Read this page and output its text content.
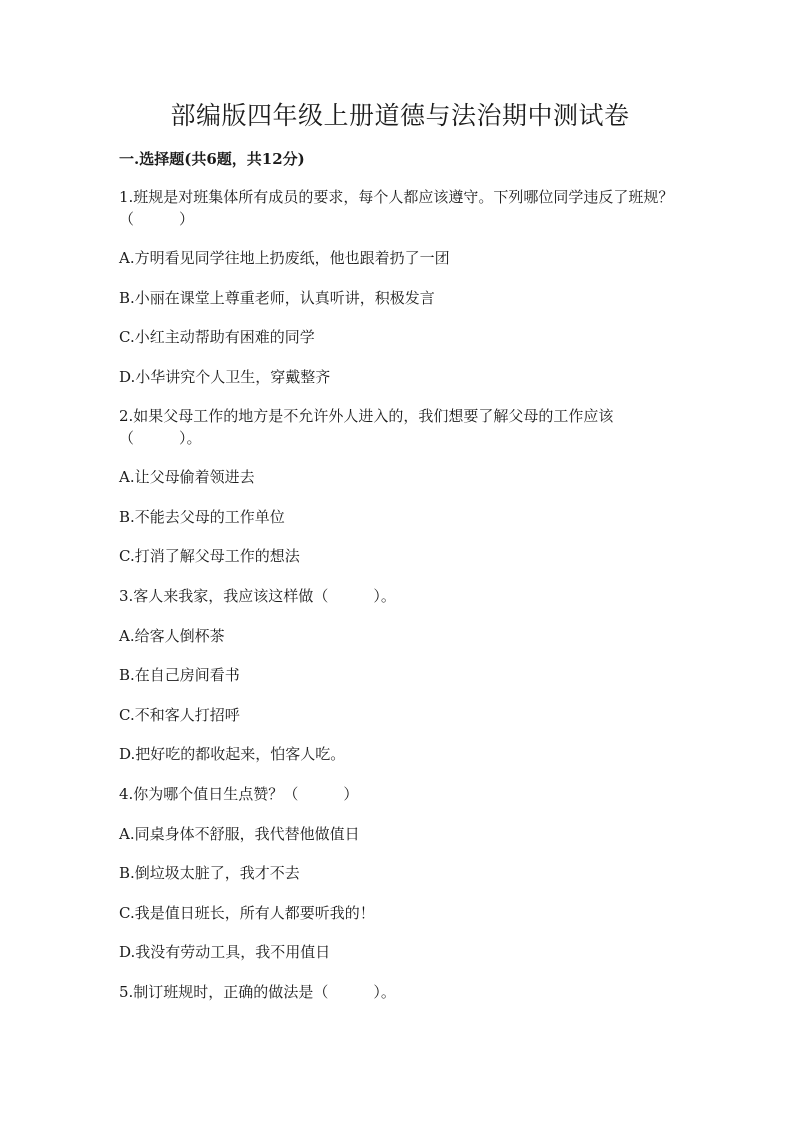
部编版四年级上册道德与法治期中测试卷
一.选择题(共6题，共12分)
1.班规是对班集体所有成员的要求，每个人都应该遵守。下列哪位同学违反了班规？（　　　）
A.方明看见同学往地上扔废纸，他也跟着扔了一团
B.小丽在课堂上尊重老师，认真听讲，积极发言
C.小红主动帮助有困难的同学
D.小华讲究个人卫生，穿戴整齐
2.如果父母工作的地方是不允许外人进入的，我们想要了解父母的工作应该（　　　）。
A.让父母偷着领进去
B.不能去父母的工作单位
C.打消了解父母工作的想法
3.客人来我家，我应该这样做（　　　）。
A.给客人倒杯茶
B.在自己房间看书
C.不和客人打招呼
D.把好吃的都收起来，怕客人吃。
4.你为哪个值日生点赞？（　　　）
A.同桌身体不舒服，我代替他做值日
B.倒垃圾太脏了，我才不去
C.我是值日班长，所有人都要听我的！
D.我没有劳动工具，我不用值日
5.制订班规时，正确的做法是（　　　）。
